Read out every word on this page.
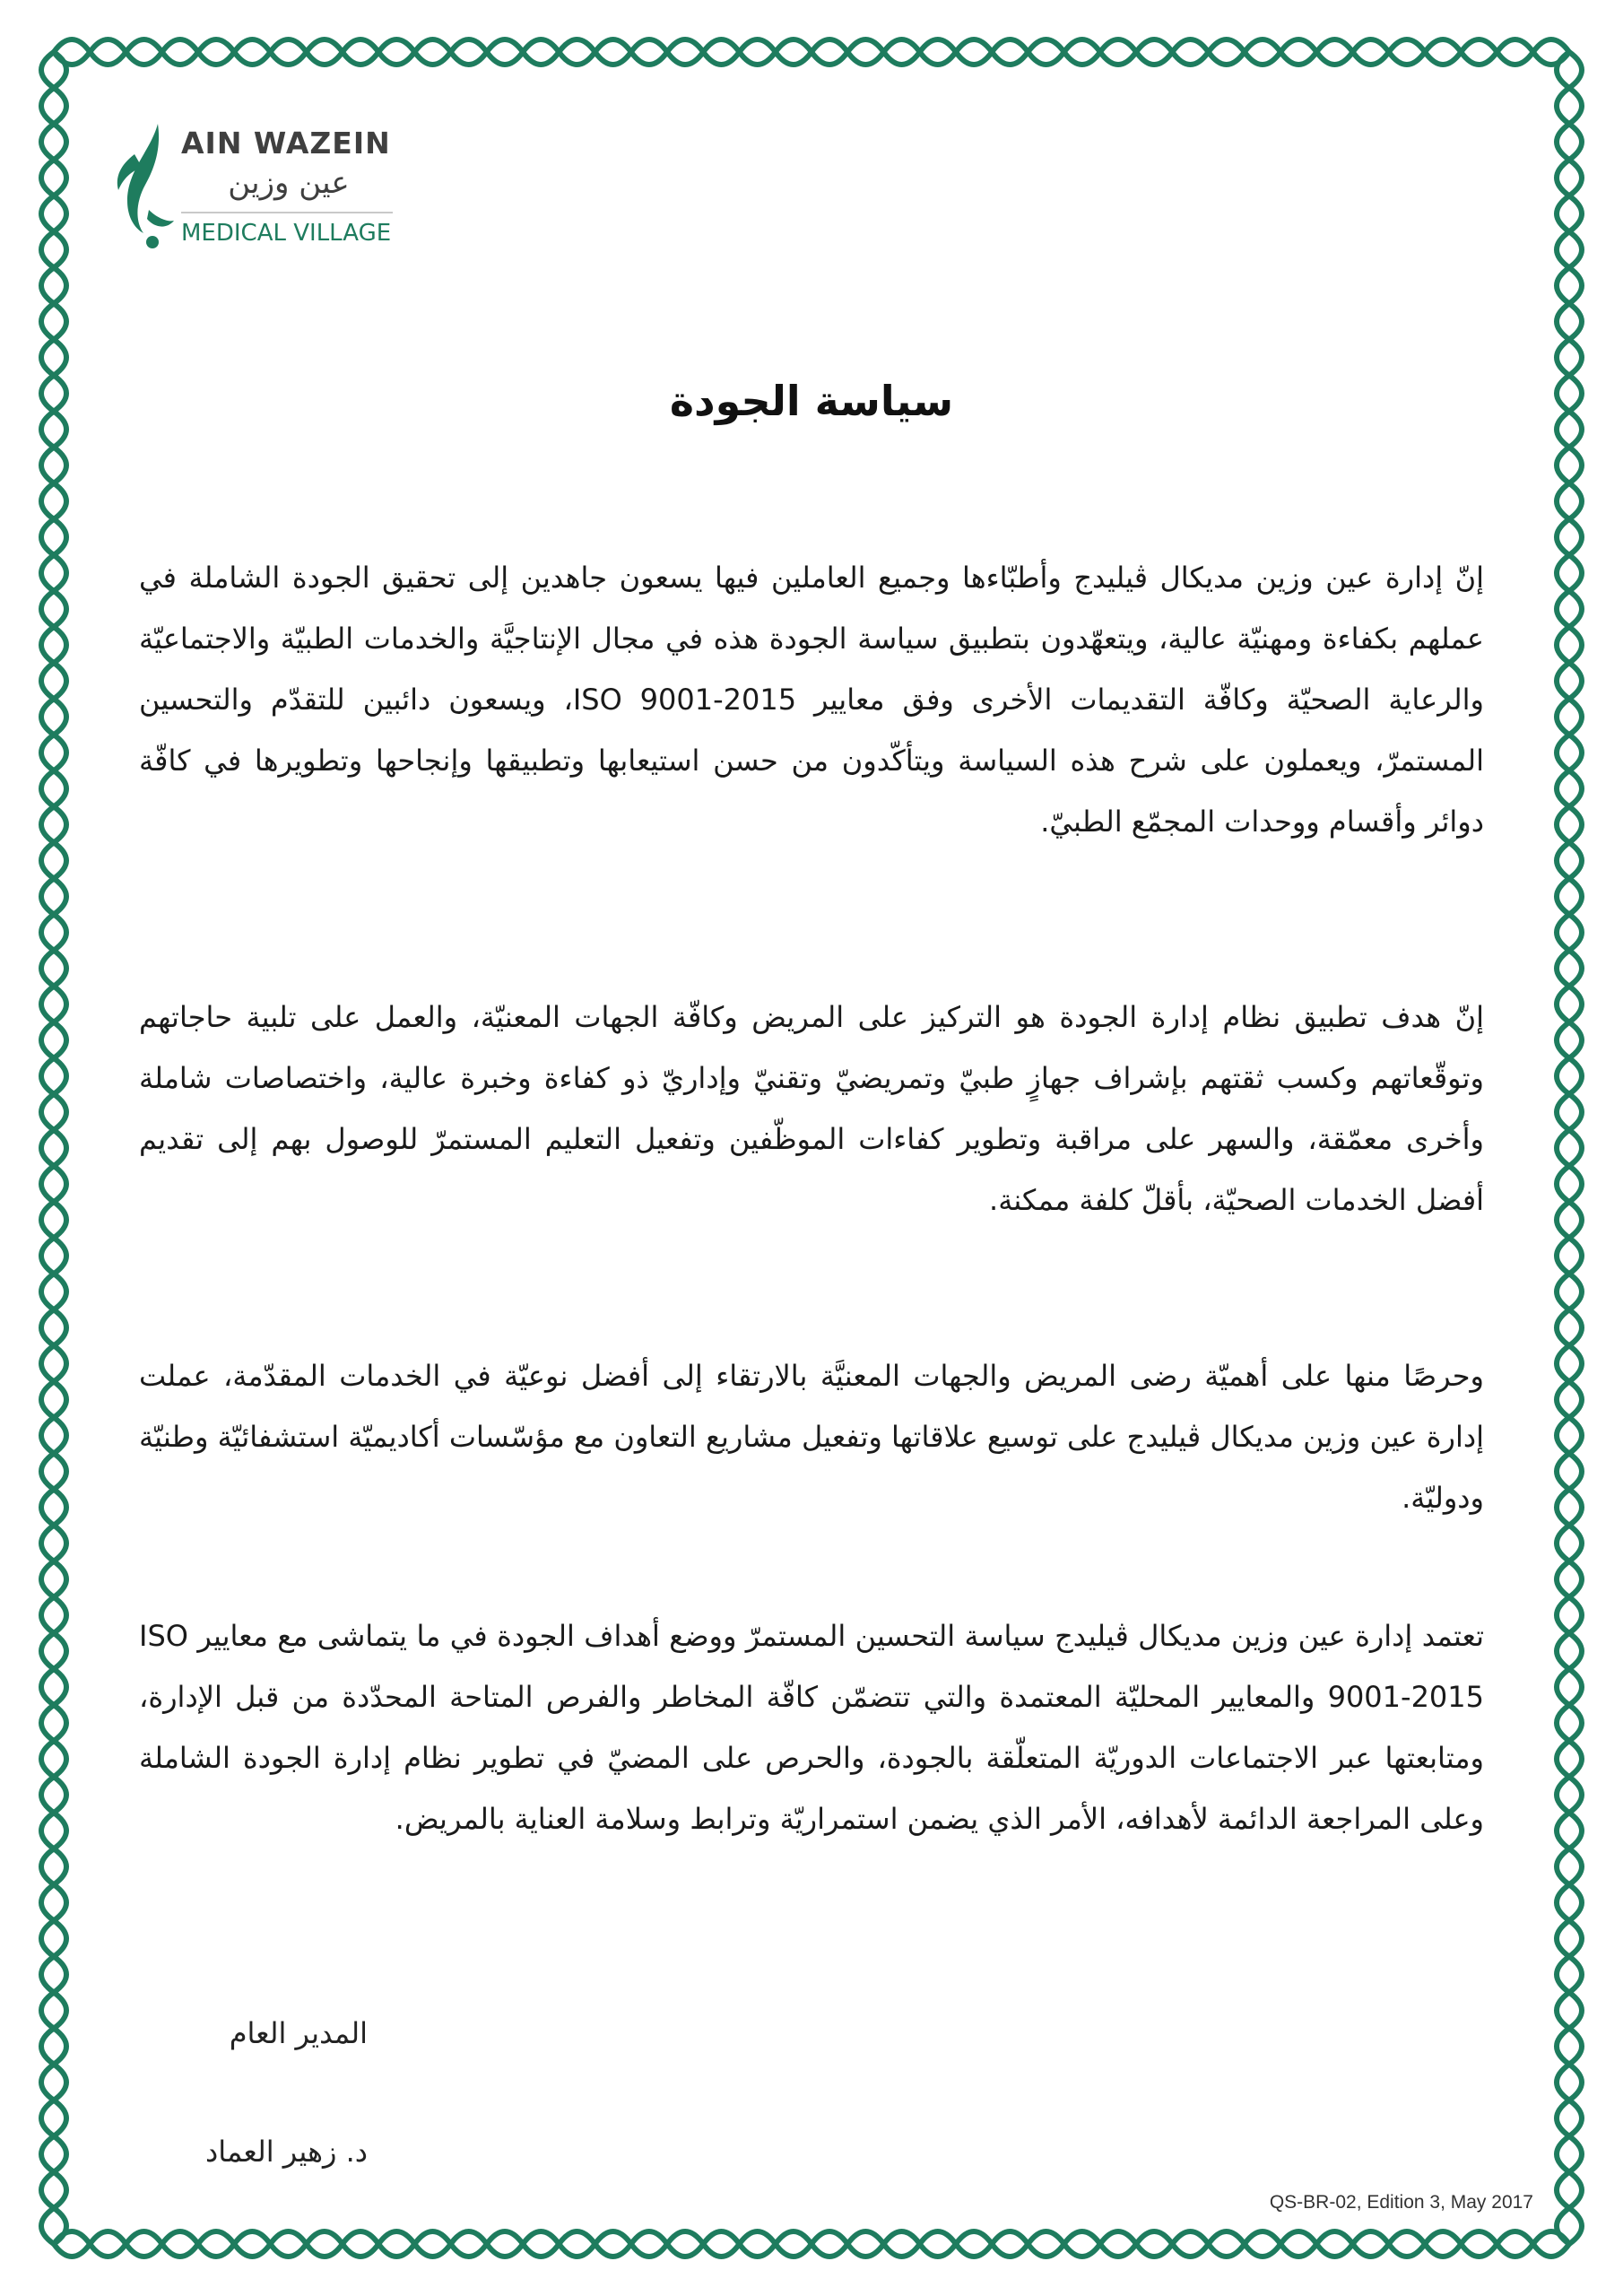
AIN WAZEIN
عين وزين
MEDICAL VILLAGE
سياسة الجودة

إنّ إدارة عين وزين مديكال ڤيليدج وأطبّاءها وجميع العاملين فيها يسعون جاهدين إلى تحقيق الجودة الشاملة في عملهم بكفاءة ومهنيّة عالية، ويتعهّدون بتطبيق سياسة الجودة هذه في مجال الإنتاجيَّة والخدمات الطبيّة والاجتماعيّة والرعاية الصحيّة وكافّة التقديمات الأخرى وفق معايير ISO 9001-2015، ويسعون دائبين للتقدّم والتحسين المستمرّ، ويعملون على شرح هذه السياسة ويتأكّدون من حسن استيعابها وتطبيقها وإنجاحها وتطويرها في كافّة دوائر وأقسام ووحدات المجمّع الطبيّ.

إنّ هدف تطبيق نظام إدارة الجودة هو التركيز على المريض وكافّة الجهات المعنيّة، والعمل على تلبية حاجاتهم وتوقّعاتهم وكسب ثقتهم بإشراف جهازٍ طبيّ وتمريضيّ وتقنيّ وإداريّ ذو كفاءة وخبرة عالية، واختصاصات شاملة وأخرى معمّقة، والسهر على مراقبة وتطوير كفاءات الموظّفين وتفعيل التعليم المستمرّ للوصول بهم إلى تقديم أفضل الخدمات الصحيّة، بأقلّ كلفة ممكنة.

وحرصًا منها على أهميّة رضى المريض والجهات المعنيَّة بالارتقاء إلى أفضل نوعيّة في الخدمات المقدّمة، عملت إدارة عين وزين مديكال ڤيليدج على توسيع علاقاتها وتفعيل مشاريع التعاون مع مؤسّسات أكاديميّة استشفائيّة وطنيّة ودوليّة.

تعتمد إدارة عين وزين مديكال ڤيليدج سياسة التحسين المستمرّ ووضع أهداف الجودة في ما يتماشى مع معايير ISO 9001-2015 والمعايير المحليّة المعتمدة والتي تتضمّن كافّة المخاطر والفرص المتاحة المحدّدة من قبل الإدارة، ومتابعتها عبر الاجتماعات الدوريّة المتعلّقة بالجودة، والحرص على المضيّ في تطوير نظام إدارة الجودة الشاملة وعلى المراجعة الدائمة لأهدافه، الأمر الذي يضمن استمراريّة وترابط وسلامة العناية بالمريض.

المدير العام
د. زهير العماد
QS-BR-02, Edition 3, May 2017
